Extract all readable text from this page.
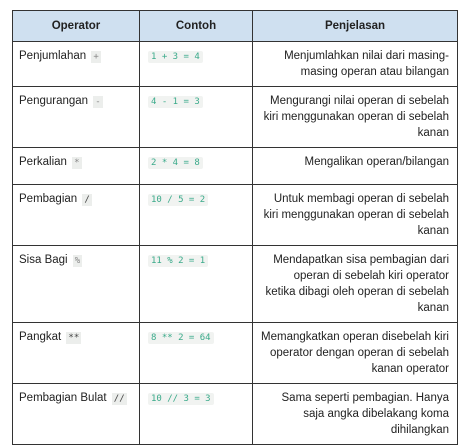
Operator	Contoh	Penjelasan
Penjumlahan +	1 + 3 = 4	Menjumlahkan nilai dari masing-masing operan atau bilangan
Pengurangan -	4 - 1 = 3	Mengurangi nilai operan di sebelah kiri menggunakan operan di sebelah kanan
Perkalian *	2 * 4 = 8	Mengalikan operan/bilangan
Pembagian /	10 / 5 = 2	Untuk membagi operan di sebelah kiri menggunakan operan di sebelah kanan
Sisa Bagi %	11 % 2 = 1	Mendapatkan sisa pembagian dari operan di sebelah kiri operator ketika dibagi oleh operan di sebelah kanan
Pangkat **	8 ** 2 = 64	Memangkatkan operan disebelah kiri operator dengan operan di sebelah kanan operator
Pembagian Bulat //	10 // 3 = 3	Sama seperti pembagian. Hanya saja angka dibelakang koma dihilangkan
